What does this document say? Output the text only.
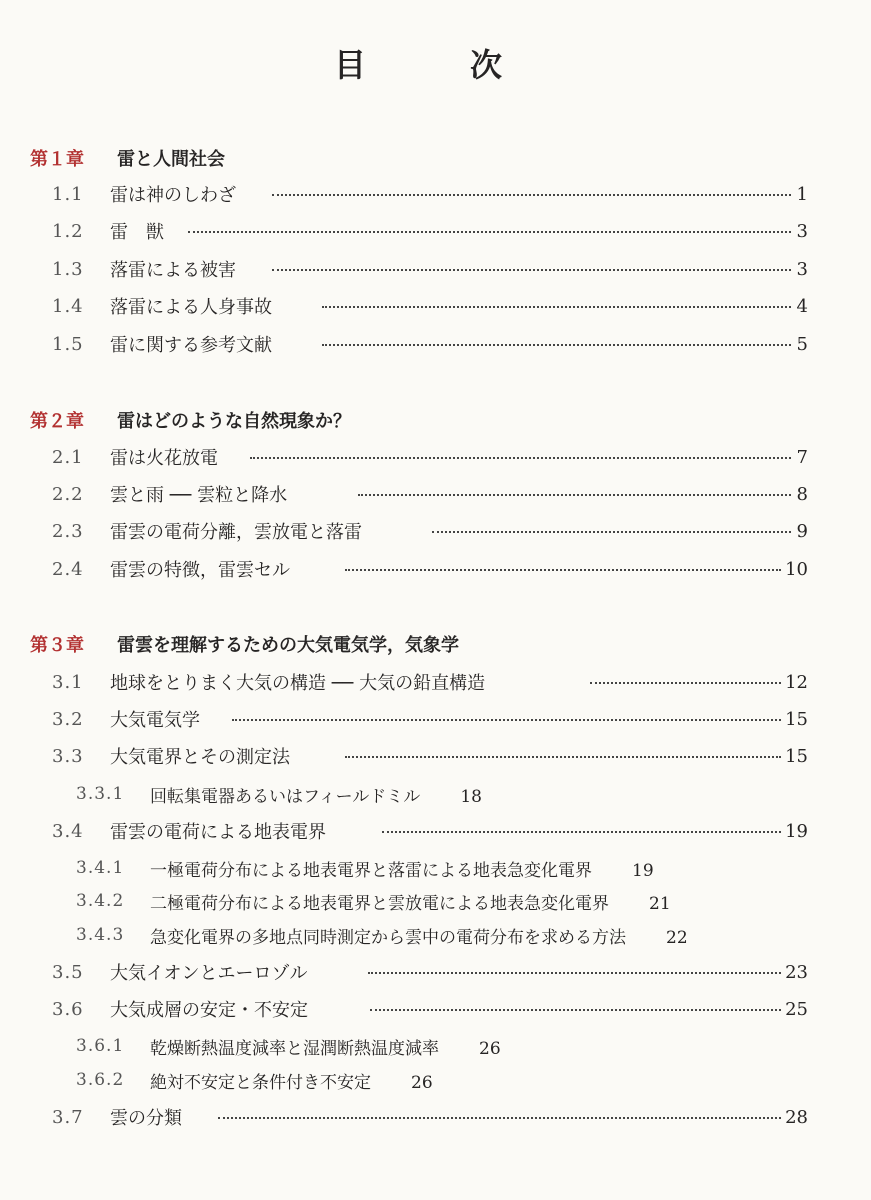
目	次
第１章 雷と人間社会
1.1 雷は神のしわざ	1
1.2 雷　獣	3
1.3 落雷による被害	3
1.4 落雷による人身事故	4
1.5 雷に関する参考文献	5
第２章 雷はどのような自然現象か？
2.1 雷は火花放電	7
2.2 雲と雨 ── 雲粒と降水	8
2.3 雷雲の電荷分離，雲放電と落雷	9
2.4 雷雲の特徴，雷雲セル	10
第３章 雷雲を理解するための大気電気学，気象学
3.1 地球をとりまく大気の構造 ── 大気の鉛直構造	12
3.2 大気電気学	15
3.3 大気電界とその測定法	15
3.3.1 回転集電器あるいはフィールドミル 18
3.4 雷雲の電荷による地表電界	19
3.4.1 一極電荷分布による地表電界と落雷による地表急変化電界 19
3.4.2 二極電荷分布による地表電界と雲放電による地表急変化電界 21
3.4.3 急変化電界の多地点同時測定から雲中の電荷分布を求める方法 22
3.5 大気イオンとエーロゾル	23
3.6 大気成層の安定・不安定	25
3.6.1 乾燥断熱温度減率と湿潤断熱温度減率 26
3.6.2 絶対不安定と条件付き不安定 26
3.7 雲の分類	28
